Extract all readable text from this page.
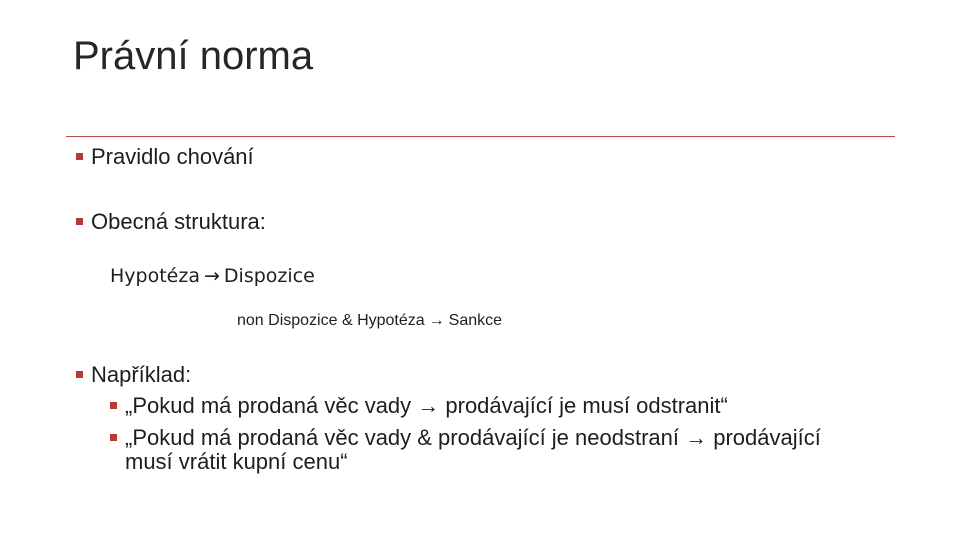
Právní norma
Pravidlo chování
Obecná struktura:
Hypotéza → Dispozice
non Dispozice & Hypotéza → Sankce
Například:
„Pokud má prodaná věc vady → prodávající je musí odstranit“
„Pokud má prodaná věc vady & prodávající je neodstraní → prodávající musí vrátit kupní cenu“
